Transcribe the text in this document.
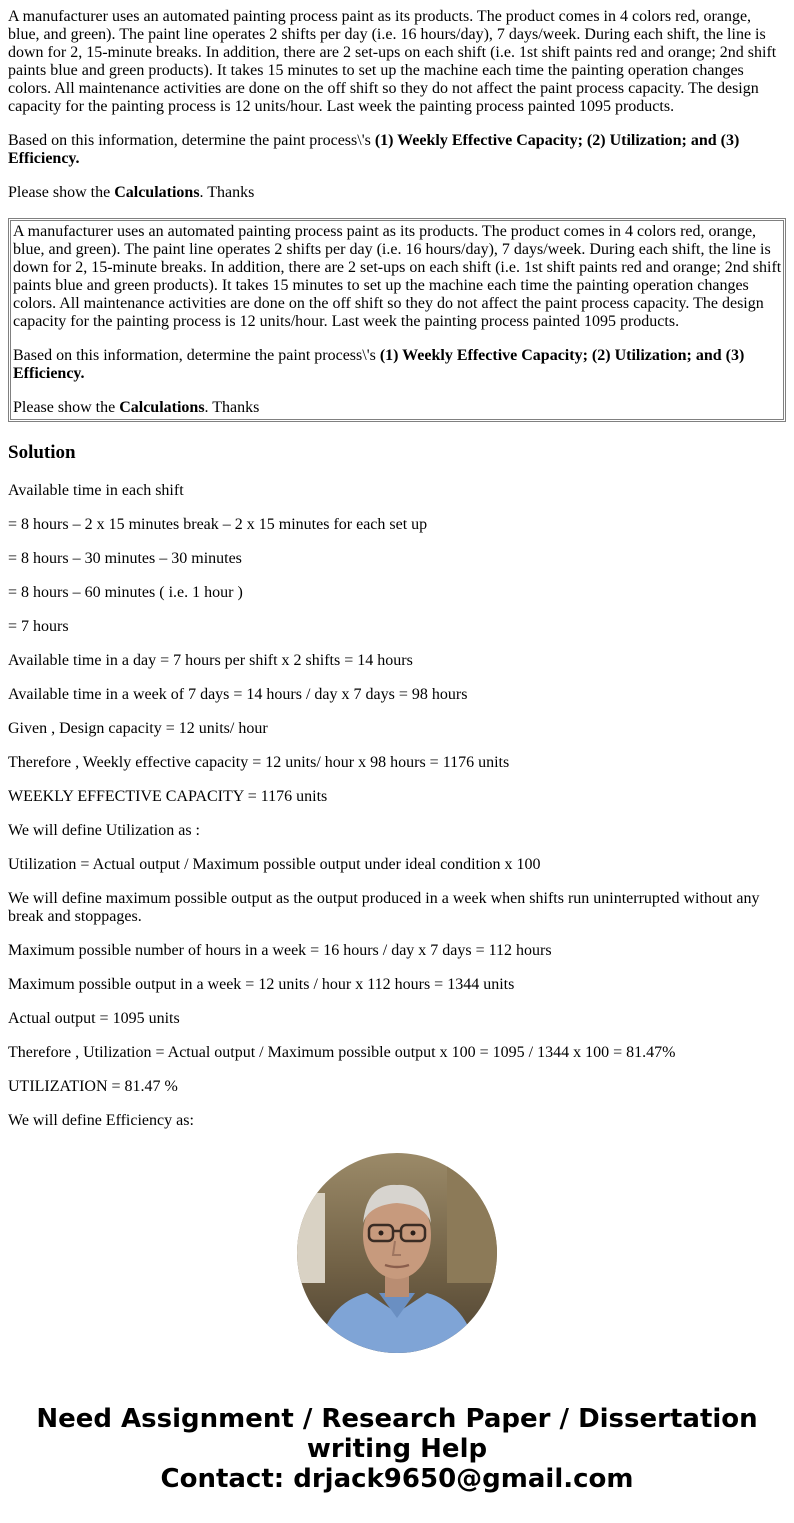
A manufacturer uses an automated painting process paint as its products. The product comes in 4 colors red, orange, blue, and green). The paint line operates 2 shifts per day (i.e. 16 hours/day), 7 days/week. During each shift, the line is down for 2, 15-minute breaks. In addition, there are 2 set-ups on each shift (i.e. 1st shift paints red and orange; 2nd shift paints blue and green products). It takes 15 minutes to set up the machine each time the painting operation changes colors. All maintenance activities are done on the off shift so they do not affect the paint process capacity. The design capacity for the painting process is 12 units/hour. Last week the painting process painted 1095 products.

Based on this information, determine the paint process\'s (1) Weekly Effective Capacity; (2) Utilization; and (3) Efficiency.

Please show the Calculations. Thanks

A manufacturer uses an automated painting process paint as its products. The product comes in 4 colors red, orange, blue, and green). The paint line operates 2 shifts per day (i.e. 16 hours/day), 7 days/week. During each shift, the line is down for 2, 15-minute breaks. In addition, there are 2 set-ups on each shift (i.e. 1st shift paints red and orange; 2nd shift paints blue and green products). It takes 15 minutes to set up the machine each time the painting operation changes colors. All maintenance activities are done on the off shift so they do not affect the paint process capacity. The design capacity for the painting process is 12 units/hour. Last week the painting process painted 1095 products.

Based on this information, determine the paint process\'s (1) Weekly Effective Capacity; (2) Utilization; and (3) Efficiency.

Please show the Calculations. Thanks

Solution

Available time in each shift

= 8 hours – 2 x 15 minutes break – 2 x 15 minutes for each set up

= 8 hours – 30 minutes – 30 minutes

= 8 hours – 60 minutes ( i.e. 1 hour )

= 7 hours

Available time in a day = 7 hours per shift x 2 shifts = 14 hours

Available time in a week of 7 days = 14 hours / day x 7 days = 98 hours

Given , Design capacity = 12 units/ hour

Therefore , Weekly effective capacity = 12 units/ hour x 98 hours = 1176 units

WEEKLY EFFECTIVE CAPACITY = 1176 units

We will define Utilization as :

Utilization = Actual output / Maximum possible output under ideal condition x 100

We will define maximum possible output as the output produced in a week when shifts run uninterrupted without any break and stoppages.

Maximum possible number of hours in a week = 16 hours / day x 7 days = 112 hours

Maximum possible output in a week = 12 units / hour x 112 hours = 1344 units

Actual output = 1095 units

Therefore , Utilization = Actual output / Maximum possible output x 100 = 1095 / 1344 x 100 = 81.47%

UTILIZATION = 81.47 %

We will define Efficiency as:

Need Assignment / Research Paper / Dissertation
writing Help
Contact: drjack9650@gmail.com
